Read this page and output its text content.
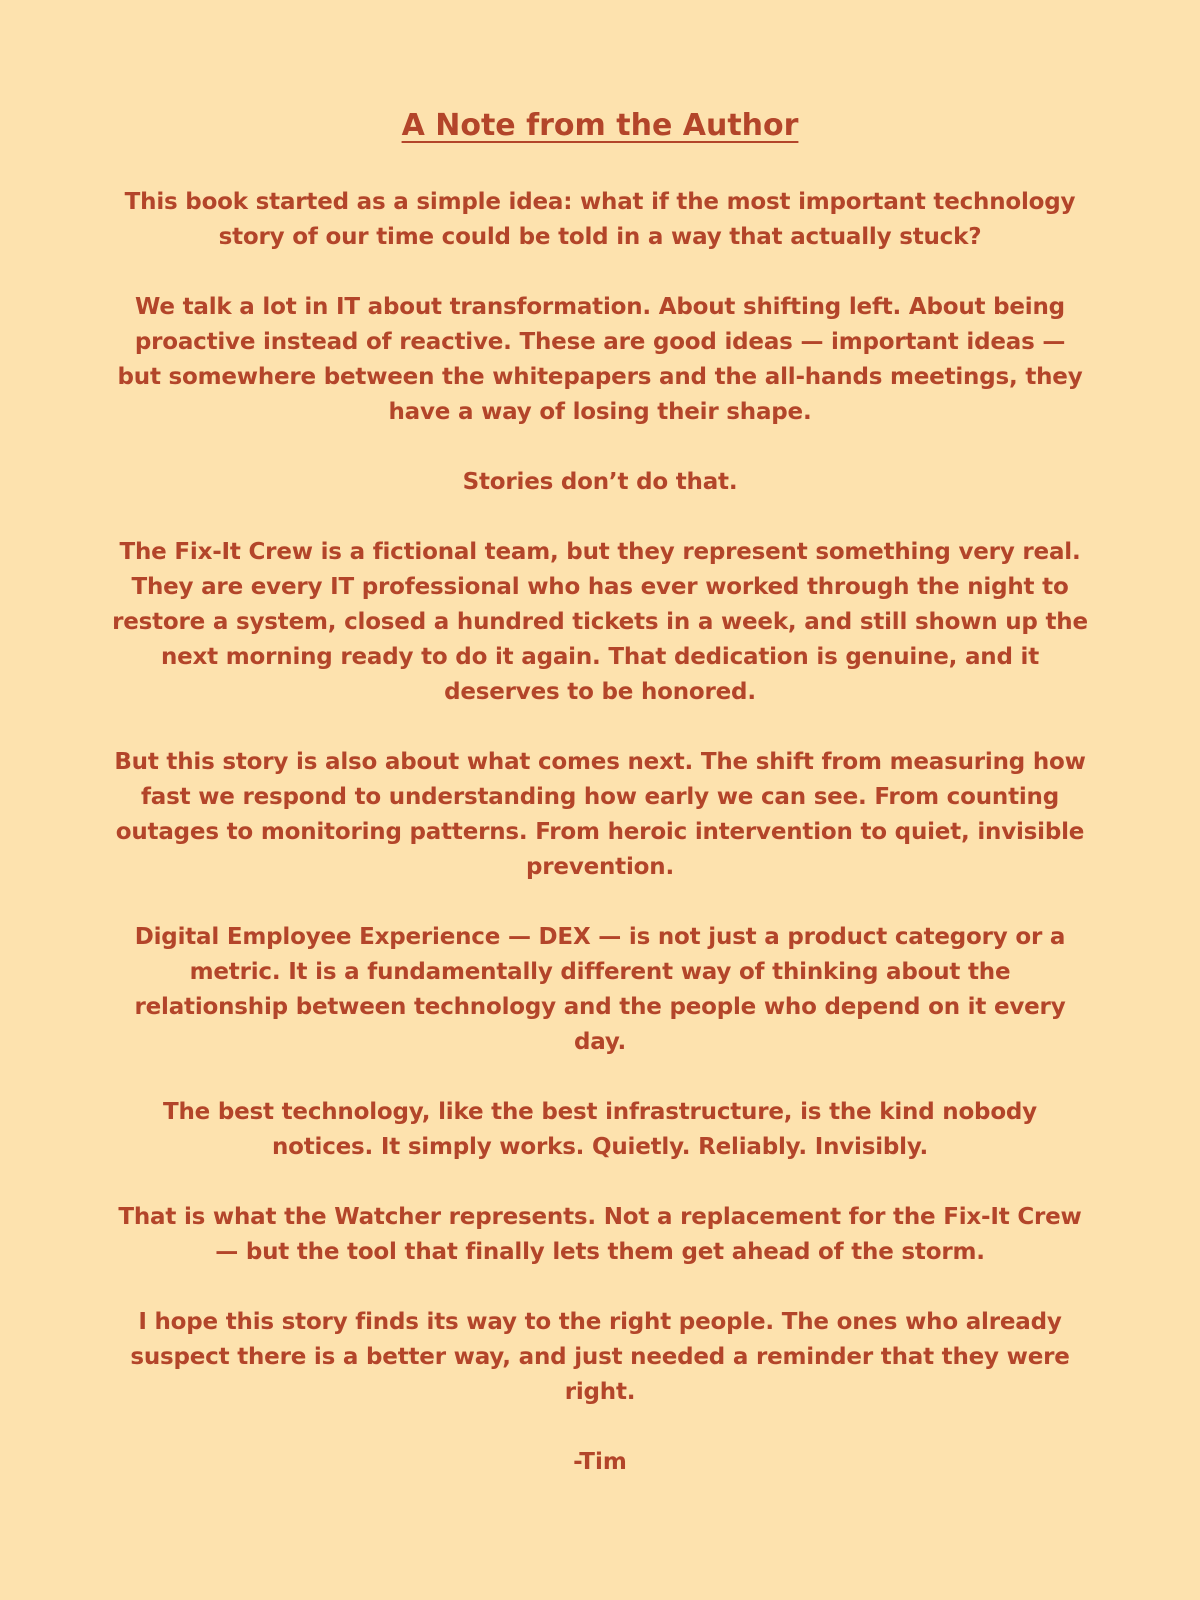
A Note from the Author

This book started as a simple idea: what if the most important technology story of our time could be told in a way that actually stuck?

We talk a lot in IT about transformation. About shifting left. About being proactive instead of reactive. These are good ideas — important ideas — but somewhere between the whitepapers and the all-hands meetings, they have a way of losing their shape.

Stories don’t do that.

The Fix-It Crew is a fictional team, but they represent something very real. They are every IT professional who has ever worked through the night to restore a system, closed a hundred tickets in a week, and still shown up the next morning ready to do it again. That dedication is genuine, and it deserves to be honored.

But this story is also about what comes next. The shift from measuring how fast we respond to understanding how early we can see. From counting outages to monitoring patterns. From heroic intervention to quiet, invisible prevention.

Digital Employee Experience — DEX — is not just a product category or a metric. It is a fundamentally different way of thinking about the relationship between technology and the people who depend on it every day.

The best technology, like the best infrastructure, is the kind nobody notices. It simply works. Quietly. Reliably. Invisibly.

That is what the Watcher represents. Not a replacement for the Fix-It Crew — but the tool that finally lets them get ahead of the storm.

I hope this story finds its way to the right people. The ones who already suspect there is a better way, and just needed a reminder that they were right.

-Tim
